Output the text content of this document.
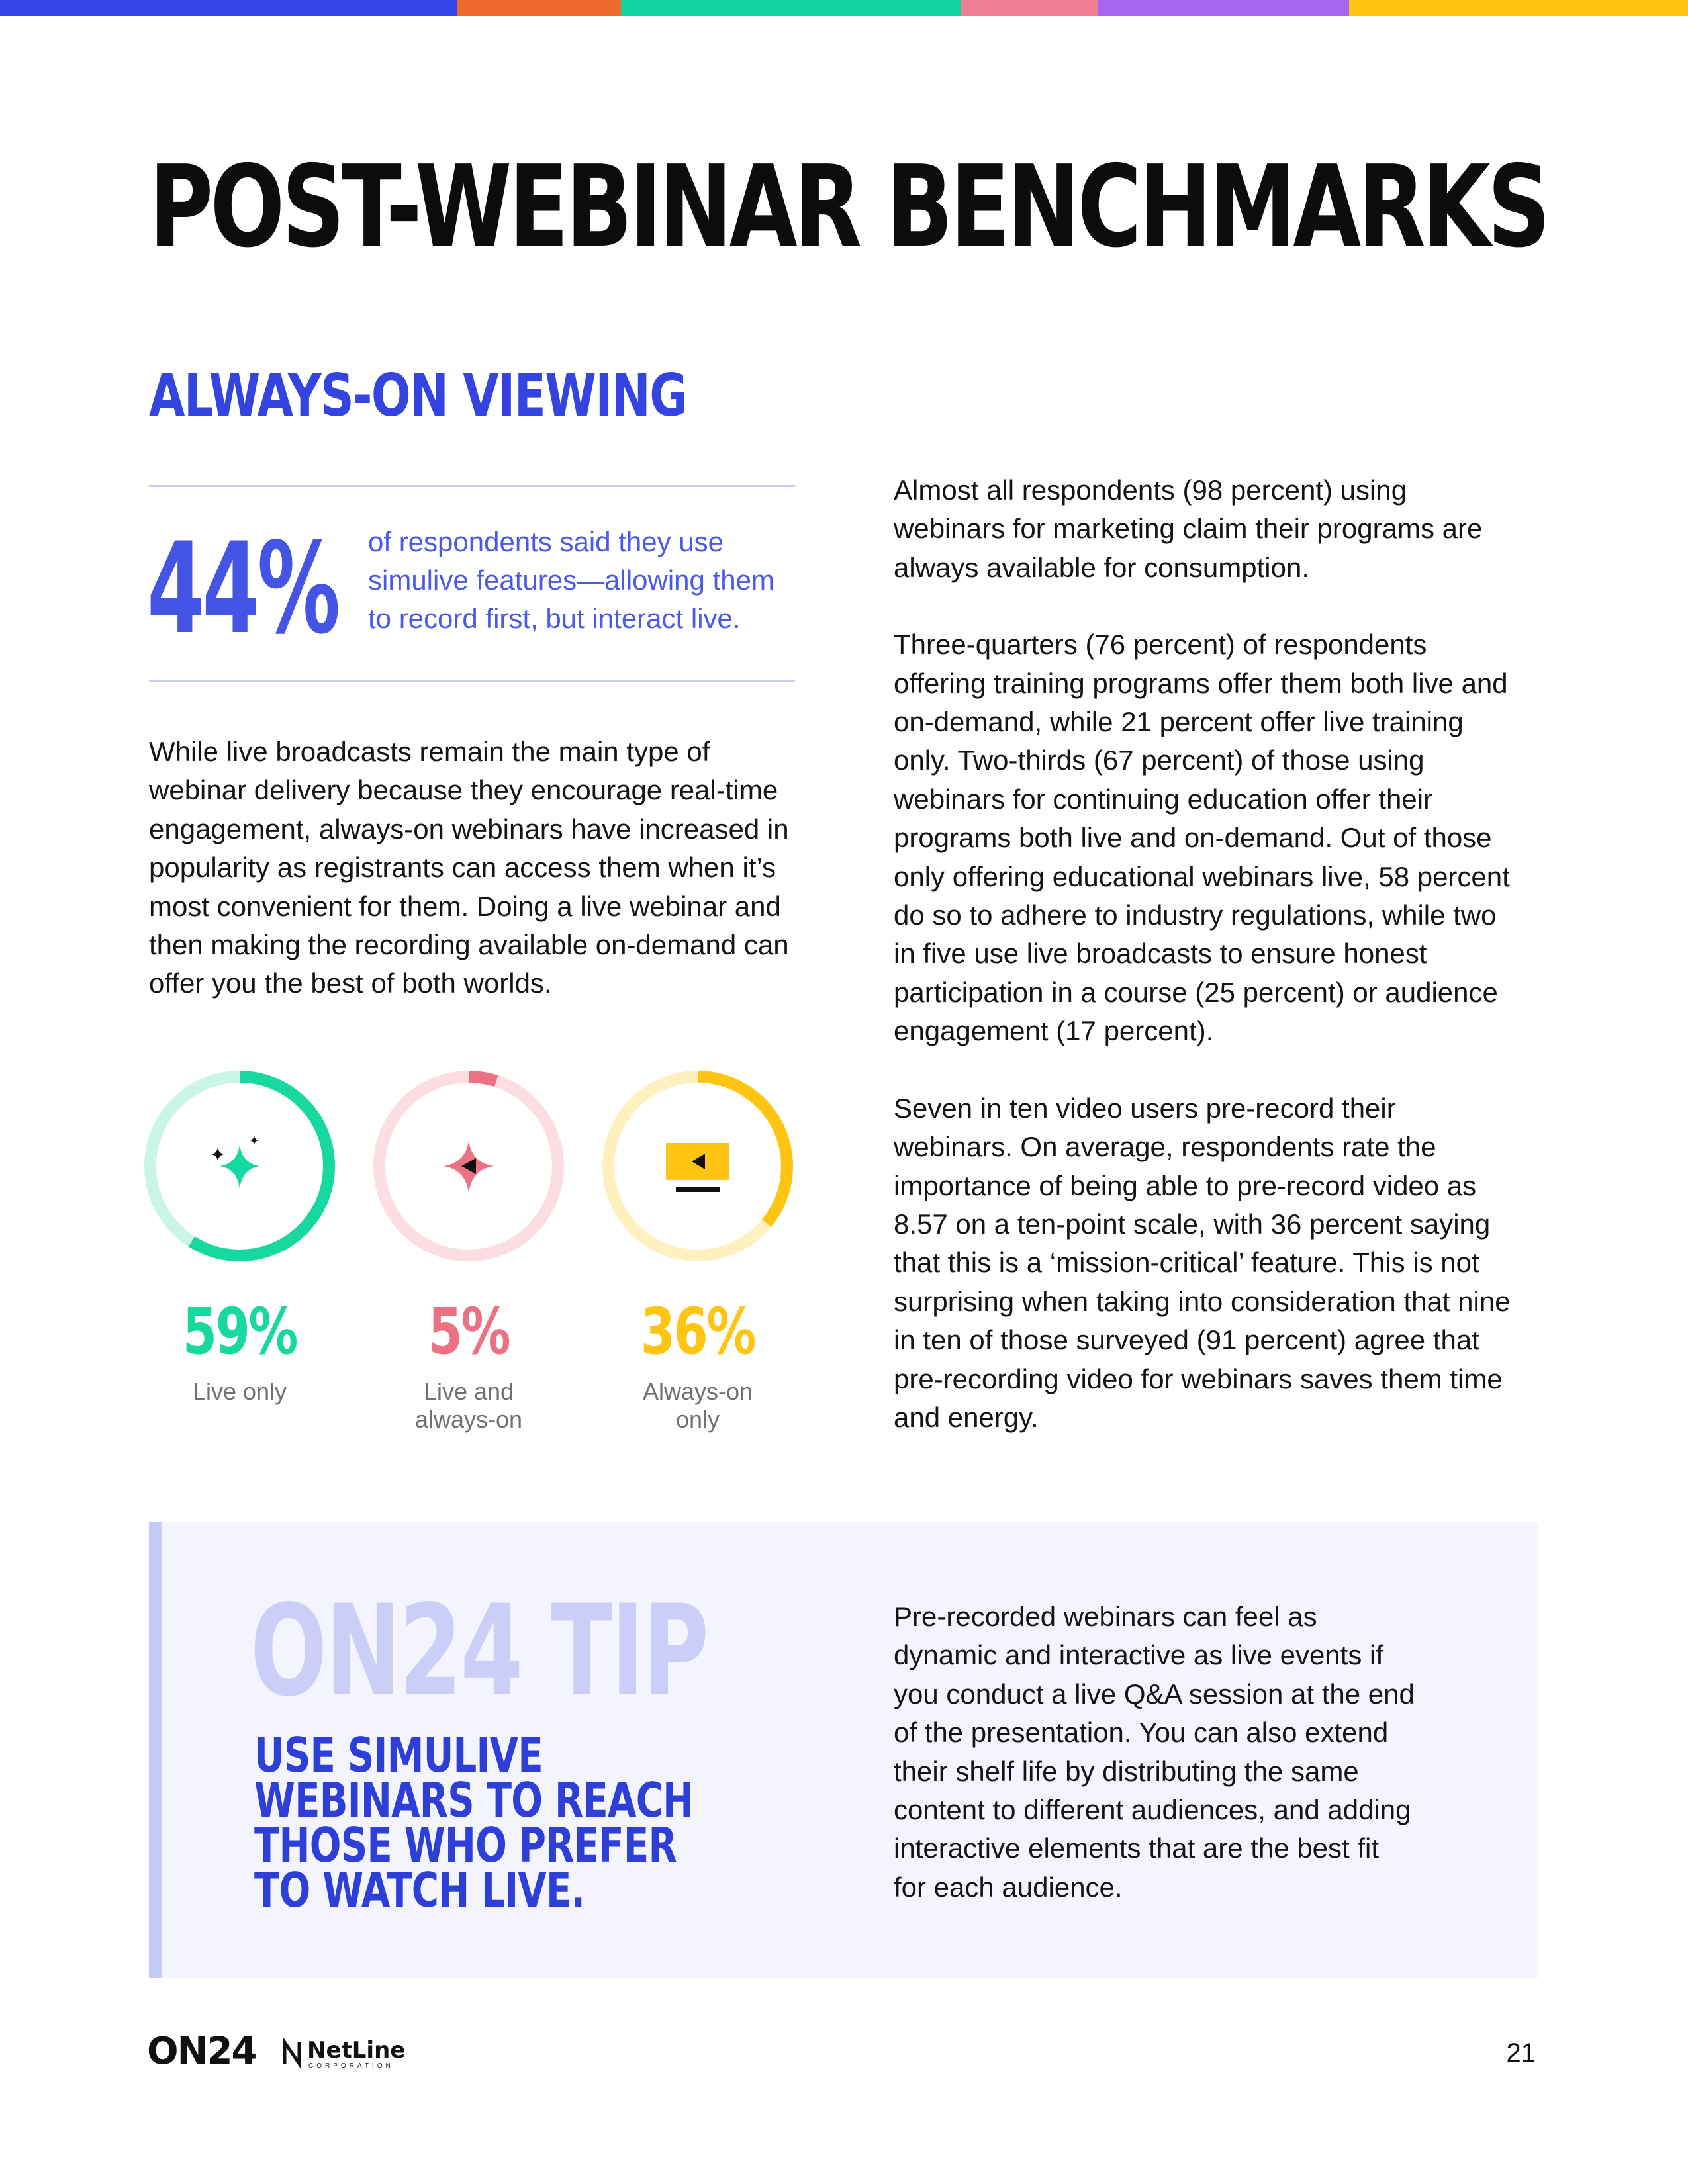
POST-WEBINAR BENCHMARKS
ALWAYS-ON VIEWING
44% of respondents said they use simulive features—allowing them to record first, but interact live.

While live broadcasts remain the main type of webinar delivery because they encourage real-time engagement, always-on webinars have increased in popularity as registrants can access them when it’s most convenient for them. Doing a live webinar and then making the recording available on-demand can offer you the best of both worlds.

59%
Live only
5%
Live and always-on
36%
Always-on only

Almost all respondents (98 percent) using webinars for marketing claim their programs are always available for consumption.

Three-quarters (76 percent) of respondents offering training programs offer them both live and on-demand, while 21 percent offer live training only. Two-thirds (67 percent) of those using webinars for continuing education offer their programs both live and on-demand. Out of those only offering educational webinars live, 58 percent do so to adhere to industry regulations, while two in five use live broadcasts to ensure honest participation in a course (25 percent) or audience engagement (17 percent).

Seven in ten video users pre-record their webinars. On average, respondents rate the importance of being able to pre-record video as 8.57 on a ten-point scale, with 36 percent saying that this is a ‘mission-critical’ feature. This is not surprising when taking into consideration that nine in ten of those surveyed (91 percent) agree that pre-recording video for webinars saves them time and energy.

ON24 TIP
USE SIMULIVE WEBINARS TO REACH THOSE WHO PREFER TO WATCH LIVE.
Pre-recorded webinars can feel as dynamic and interactive as live events if you conduct a live Q&A session at the end of the presentation. You can also extend their shelf life by distributing the same content to different audiences, and adding interactive elements that are the best fit for each audience.
ON24 NetLine
CORPORATION	21
